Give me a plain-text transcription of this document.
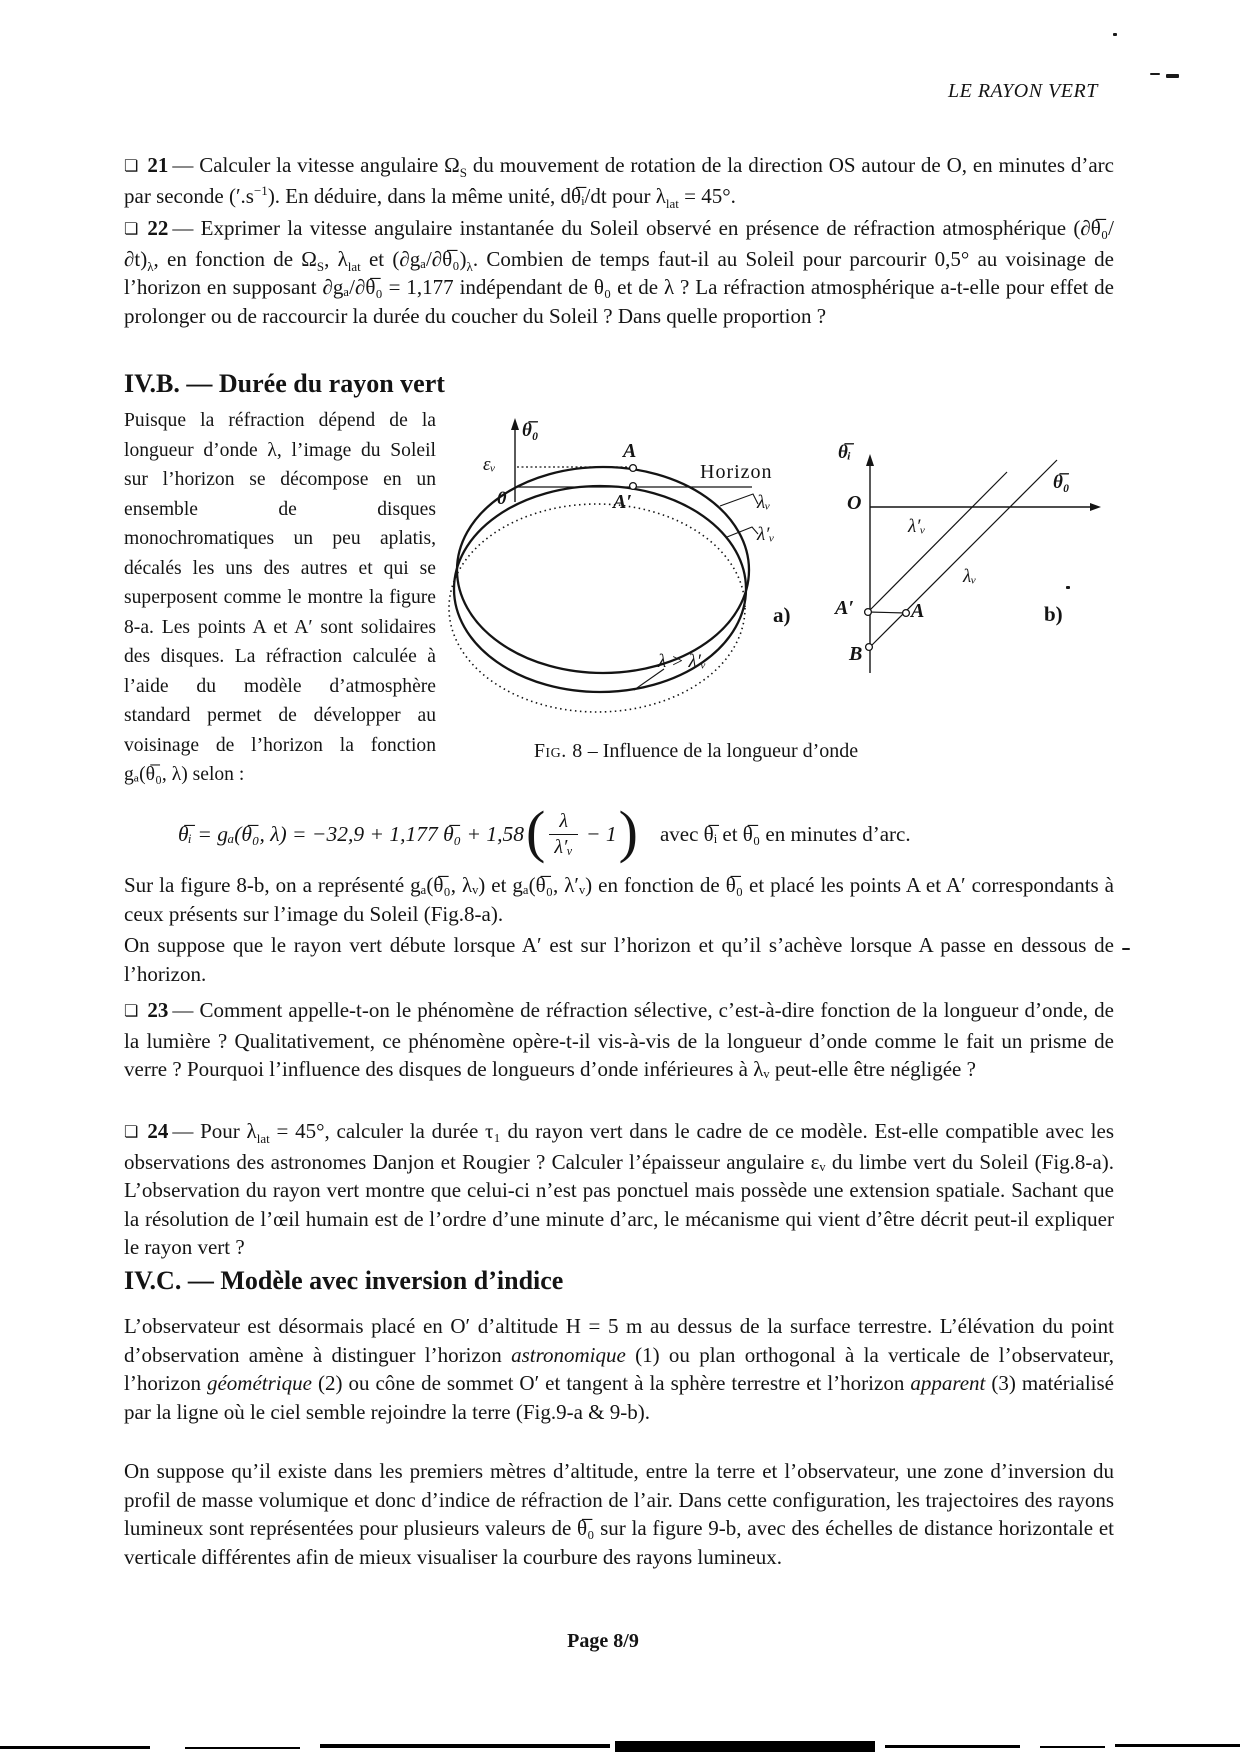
LE RAYON VERT

❏ 21 — Calculer la vitesse angulaire $\Omega_S$ du mouvement de rotation de la direction OS autour de O, en minutes d’arc par seconde $('.s^{-1})$. En déduire, dans la même unité, dθ̅ᵢ/dt pour $\lambda_{lat} = 45^\circ$.

❏ 22 — Exprimer la vitesse angulaire instantanée du Soleil observé en présence de réfraction atmosphérique $(\partial\theta̅_0/\partial t)_\lambda$, en fonction de $\Omega_S$, $\lambda_{lat}$ et $(\partial g_a/\partial\theta̅_0)_\lambda$. Combien de temps faut-il au Soleil pour parcourir 0,5° au voisinage de l’horizon en supposant ∂gₐ/∂θ̅₀ = 1,177 indépendant de θ₀ et de λ ? La réfraction atmosphérique a-t-elle pour effet de prolonger ou de raccourcir la durée du coucher du Soleil ? Dans quelle proportion ?

IV.B. — Durée du rayon vert

Puisque la réfraction dépend de la longueur d’onde λ, l’image du Soleil sur l’horizon se décompose en un ensemble de disques monochromatiques un peu aplatis, décalés les uns des autres et qui se superposent comme le montre la figure 8-a. Les points A et A′ sont solidaires des disques. La réfraction calculée à l’aide du modèle d’atmosphère standard permet de développer au voisinage de l’horizon la fonction gₐ(θ̅₀, λ) selon :

θ̅₀
εᵥ
0
A
A′
Horizon
λᵥ
λ′ᵥ
λ > λ′ᵥ
a)
θ̅ᵢ
θ̅₀
O
λ′ᵥ
λᵥ
A′	A
B
b)
Fig. 8 – Influence de la longueur d’onde
θ̅ᵢ = gₐ(θ̅₀, λ) = −32,9 + 1,177 θ̅₀ + 1,58 ( $\frac{\lambda}{\text{λ′ᵥ}} - 1$ ) avec θ̅ᵢ et θ̅₀ en minutes d’arc.

Sur la figure 8-b, on a représenté gₐ(θ̅₀, λᵥ) et gₐ(θ̅₀, λ′ᵥ) en fonction de θ̅₀ et placé les points A et A′ correspondants à ceux présents sur l’image du Soleil (Fig.8-a).

On suppose que le rayon vert débute lorsque A′ est sur l’horizon et qu’il s’achève lorsque A passe en dessous de l’horizon.

❏ 23 — Comment appelle-t-on le phénomène de réfraction sélective, c’est-à-dire fonction de la longueur d’onde, de la lumière ? Qualitativement, ce phénomène opère-t-il vis-à-vis de la longueur d’onde comme le fait un prisme de verre ? Pourquoi l’influence des disques de longueurs d’onde inférieures à λᵥ peut-elle être négligée ?

❏ 24 — Pour $\lambda_{lat} = 45^\circ$, calculer la durée τ₁ du rayon vert dans le cadre de ce modèle. Est-elle compatible avec les observations des astronomes Danjon et Rougier ? Calculer l’épaisseur angulaire εᵥ du limbe vert du Soleil (Fig.8-a). L’observation du rayon vert montre que celui-ci n’est pas ponctuel mais possède une extension spatiale. Sachant que la résolution de l’œil humain est de l’ordre d’une minute d’arc, le mécanisme qui vient d’être décrit peut-il expliquer le rayon vert ?

IV.C. — Modèle avec inversion d’indice

L’observateur est désormais placé en O′ d’altitude H = 5 m au dessus de la surface terrestre. L’élévation du point d’observation amène à distinguer l’horizon astronomique (1) ou plan orthogonal à la verticale de l’observateur, l’horizon géométrique (2) ou cône de sommet O′ et tangent à la sphère terrestre et l’horizon apparent (3) matérialisé par la ligne où le ciel semble rejoindre la terre (Fig.9-a & 9-b).

On suppose qu’il existe dans les premiers mètres d’altitude, entre la terre et l’observateur, une zone d’inversion du profil de masse volumique et donc d’indice de réfraction de l’air. Dans cette configuration, les trajectoires des rayons lumineux sont représentées pour plusieurs valeurs de θ̅₀ sur la figure 9-b, avec des échelles de distance horizontale et verticale différentes afin de mieux visualiser la courbure des rayons lumineux.

Page 8/9
